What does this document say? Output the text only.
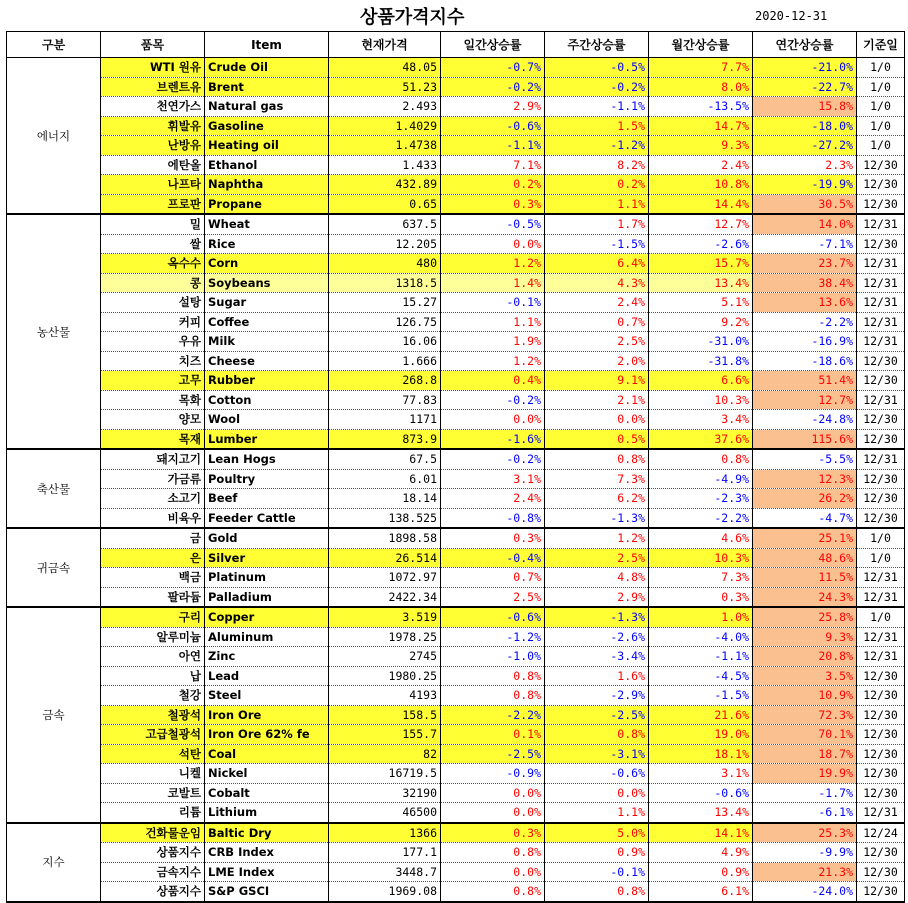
상품가격지수	2020-12-31
구분	품목	Item	현재가격	일간상승률	주간상승률	월간상승률	연간상승률	기준일
에너지	WTI 원유	Crude Oil	48.05	-0.7%	-0.5%	7.7%	-21.0%	1/0
	브렌트유	Brent	51.23	-0.2%	-0.2%	8.0%	-22.7%	1/0
	천연가스	Natural gas	2.493	2.9%	-1.1%	-13.5%	15.8%	1/0
	휘발유	Gasoline	1.4029	-0.6%	1.5%	14.7%	-18.0%	1/0
	난방유	Heating oil	1.4738	-1.1%	-1.2%	9.3%	-27.2%	1/0
	에탄올	Ethanol	1.433	7.1%	8.2%	2.4%	2.3%	12/30
	나프타	Naphtha	432.89	0.2%	0.2%	10.8%	-19.9%	12/30
	프로판	Propane	0.65	0.3%	1.1%	14.4%	30.5%	12/30
농산물	밀	Wheat	637.5	-0.5%	1.7%	12.7%	14.0%	12/31
	쌀	Rice	12.205	0.0%	-1.5%	-2.6%	-7.1%	12/30
	옥수수	Corn	480	1.2%	6.4%	15.7%	23.7%	12/31
	콩	Soybeans	1318.5	1.4%	4.3%	13.4%	38.4%	12/31
	설탕	Sugar	15.27	-0.1%	2.4%	5.1%	13.6%	12/31
	커피	Coffee	126.75	1.1%	0.7%	9.2%	-2.2%	12/31
	우유	Milk	16.06	1.9%	2.5%	-31.0%	-16.9%	12/31
	치즈	Cheese	1.666	1.2%	2.0%	-31.8%	-18.6%	12/30
	고무	Rubber	268.8	0.4%	9.1%	6.6%	51.4%	12/30
	목화	Cotton	77.83	-0.2%	2.1%	10.3%	12.7%	12/31
	양모	Wool	1171	0.0%	0.0%	3.4%	-24.8%	12/30
	목재	Lumber	873.9	-1.6%	0.5%	37.6%	115.6%	12/30
축산물	돼지고기	Lean Hogs	67.5	-0.2%	0.8%	0.8%	-5.5%	12/31
	가금류	Poultry	6.01	3.1%	7.3%	-4.9%	12.3%	12/30
	소고기	Beef	18.14	2.4%	6.2%	-2.3%	26.2%	12/30
	비육우	Feeder Cattle	138.525	-0.8%	-1.3%	-2.2%	-4.7%	12/30
귀금속	금	Gold	1898.58	0.3%	1.2%	4.6%	25.1%	1/0
	은	Silver	26.514	-0.4%	2.5%	10.3%	48.6%	1/0
	백금	Platinum	1072.97	0.7%	4.8%	7.3%	11.5%	12/31
	팔라듐	Palladium	2422.34	2.5%	2.9%	0.3%	24.3%	12/31
금속	구리	Copper	3.519	-0.6%	-1.3%	1.0%	25.8%	1/0
	알루미늄	Aluminum	1978.25	-1.2%	-2.6%	-4.0%	9.3%	12/31
	아연	Zinc	2745	-1.0%	-3.4%	-1.1%	20.8%	12/31
	납	Lead	1980.25	0.8%	1.6%	-4.5%	3.5%	12/30
	철강	Steel	4193	0.8%	-2.9%	-1.5%	10.9%	12/30
	철광석	Iron Ore	158.5	-2.2%	-2.5%	21.6%	72.3%	12/30
	고급철광석	Iron Ore 62% fe	155.7	0.1%	0.8%	19.0%	70.1%	12/30
	석탄	Coal	82	-2.5%	-3.1%	18.1%	18.7%	12/30
	니켈	Nickel	16719.5	-0.9%	-0.6%	3.1%	19.9%	12/30
	코발트	Cobalt	32190	0.0%	0.0%	-0.6%	-1.7%	12/30
	리튬	Lithium	46500	0.0%	1.1%	13.4%	-6.1%	12/31
지수	건화물운임	Baltic Dry	1366	0.3%	5.0%	14.1%	25.3%	12/24
	상품지수	CRB Index	177.1	0.8%	0.9%	4.9%	-9.9%	12/30
	금속지수	LME Index	3448.7	0.0%	-0.1%	0.9%	21.3%	12/30
	상품지수	S&P GSCI	1969.08	0.8%	0.8%	6.1%	-24.0%	12/30
